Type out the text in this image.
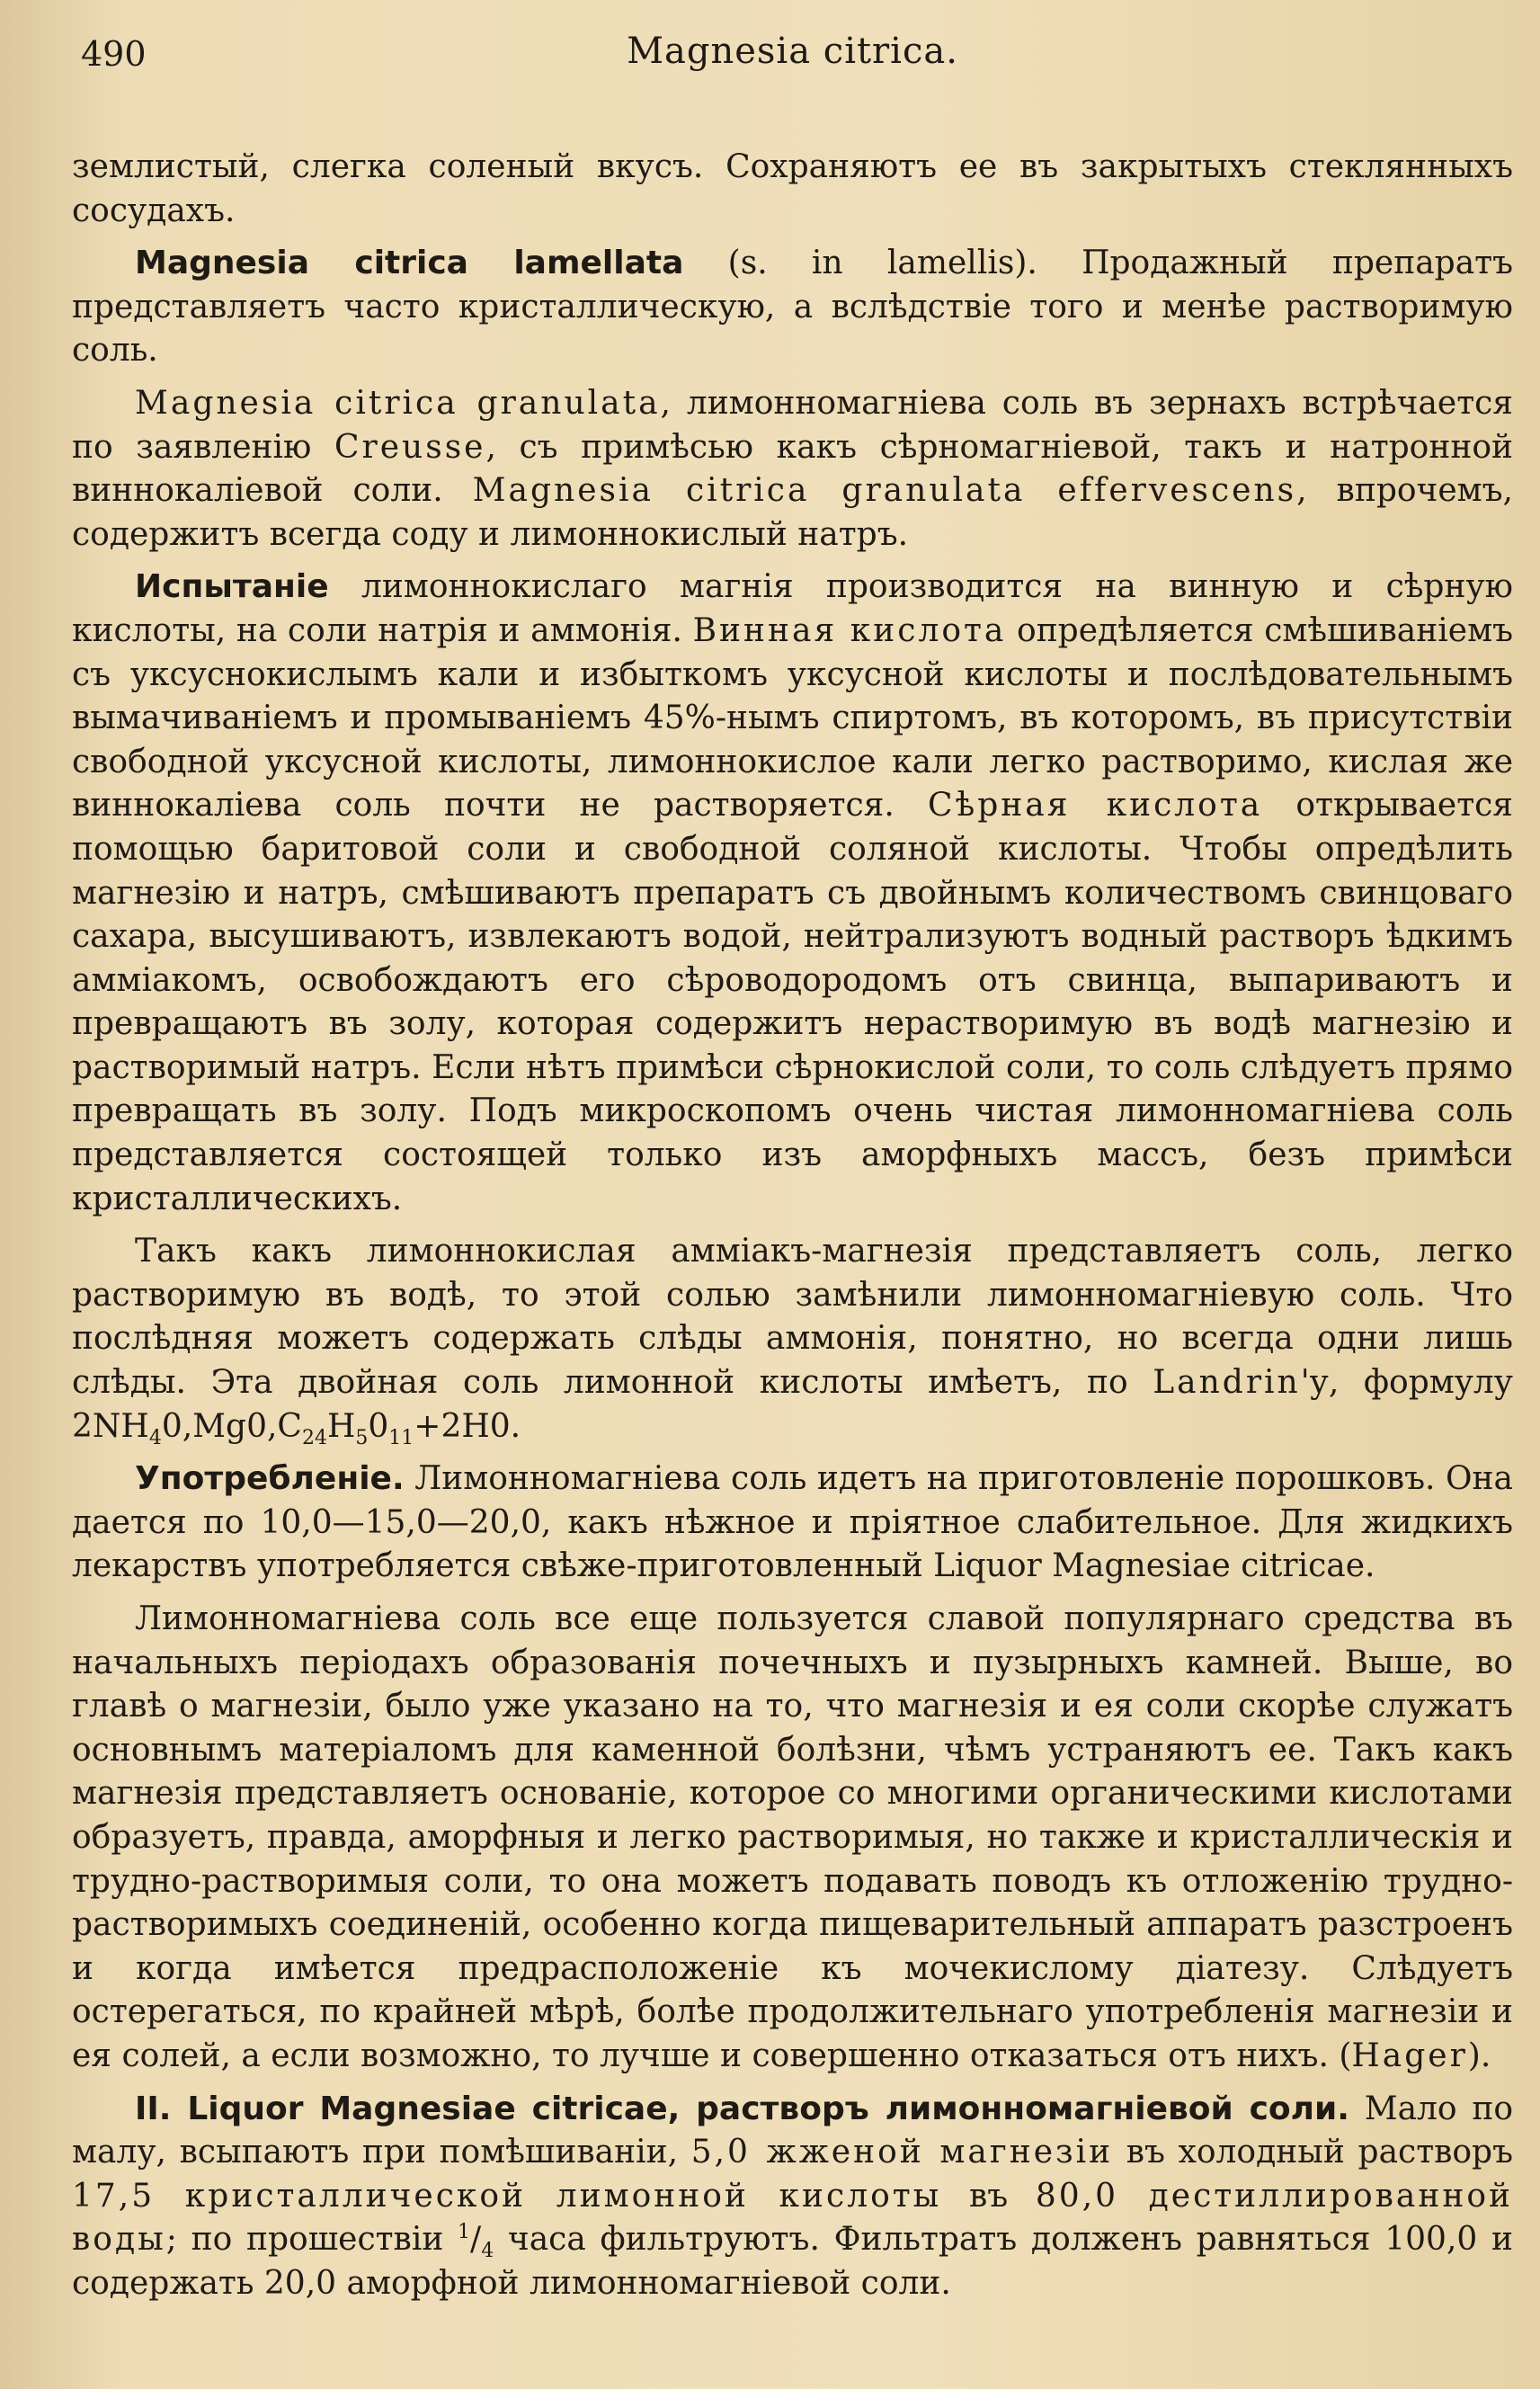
490	Magnesia citrica.

землистый, слегка соленый вкусъ. Сохраняютъ ее въ закрытыхъ стеклянныхъ сосудахъ.

Magnesia citrica lamellata (s. in lamellis). Продажный препаратъ представляетъ часто кристаллическую, а вслѣдствіе того и менѣе растворимую соль.

Magnesia citrica granulata, лимонномагніева соль въ зернахъ встрѣчается по заявленію Creusse, съ примѣсью какъ сѣрномагніевой, такъ и натронной виннокаліевой соли. Magnesia citrica granulata effervescens, впрочемъ, содержитъ всегда соду и лимоннокислый натръ.

Испытаніе лимоннокислаго магнія производится на винную и сѣрную кислоты, на соли натрія и аммонія. Винная кислота опредѣляется смѣшиваніемъ съ уксуснокислымъ кали и избыткомъ уксусной кислоты и послѣдовательнымъ вымачиваніемъ и промываніемъ 45%-нымъ спиртомъ, въ которомъ, въ присутствіи свободной уксусной кислоты, лимоннокислое кали легко растворимо, кислая же виннокаліева соль почти не растворяется. Сѣрная кислота открывается помощью баритовой соли и свободной соляной кислоты. Чтобы опредѣлить магнезію и натръ, смѣшиваютъ препаратъ съ двойнымъ количествомъ свинцоваго сахара, высушиваютъ, извлекаютъ водой, нейтрализуютъ водный растворъ ѣдкимъ амміакомъ, освобождаютъ его сѣроводородомъ отъ свинца, выпариваютъ и превращаютъ въ золу, которая содержитъ нерастворимую въ водѣ магнезію и растворимый натръ. Если нѣтъ примѣси сѣрнокислой соли, то соль слѣдуетъ прямо превращать въ золу. Подъ микроскопомъ очень чистая лимонномагніева соль представляется состоящей только изъ аморфныхъ массъ, безъ примѣси кристаллическихъ.

Такъ какъ лимоннокислая амміакъ-магнезія представляетъ соль, легко растворимую въ водѣ, то этой солью замѣнили лимонномагніевую соль. Что послѣдняя можетъ содержать слѣды аммонія, понятно, но всегда одни лишь слѣды. Эта двойная соль лимонной кислоты имѣетъ, по Landrin'у, формулу $2NH_40,Mg0,C_{24}H_50_{11}+2H0$.

Употребленіе. Лимонномагніева соль идетъ на приготовленіе порошковъ. Она дается по 10,0—15,0—20,0, какъ нѣжное и пріятное слабительное. Для жидкихъ лекарствъ употребляется свѣже-приготовленный Liquor Magnesiae citricae.

Лимонномагніева соль все еще пользуется славой популярнаго средства въ начальныхъ періодахъ образованія почечныхъ и пузырныхъ камней. Выше, во главѣ о магнезіи, было уже указано на то, что магнезія и ея соли скорѣе служатъ основнымъ матеріаломъ для каменной болѣзни, чѣмъ устраняютъ ее. Такъ какъ магнезія представляетъ основаніе, которое со многими органическими кислотами образуетъ, правда, аморфныя и легко растворимыя, но также и кристаллическія и трудно-растворимыя соли, то она можетъ подавать поводъ къ отложенію трудно-растворимыхъ соединеній, особенно когда пищеварительный аппаратъ разстроенъ и когда имѣется предрасположеніе къ мочекислому діатезу. Слѣдуетъ остерегаться, по крайней мѣрѣ, болѣе продолжительнаго употребленія магнезіи и ея солей, а если возможно, то лучше и совершенно отказаться отъ нихъ. (Hager).

II. Liquor Magnesiae citricae, растворъ лимонномагніевой соли. Мало по малу, всыпаютъ при помѣшиваніи, 5,0 жженой магнезіи въ холодный растворъ 17,5 кристаллической лимонной кислоты въ 80,0 дестиллированной воды; по прошествіи $^1/_4$ часа фильтруютъ. Фильтратъ долженъ равняться 100,0 и содержать 20,0 аморфной лимонномагніевой соли.
